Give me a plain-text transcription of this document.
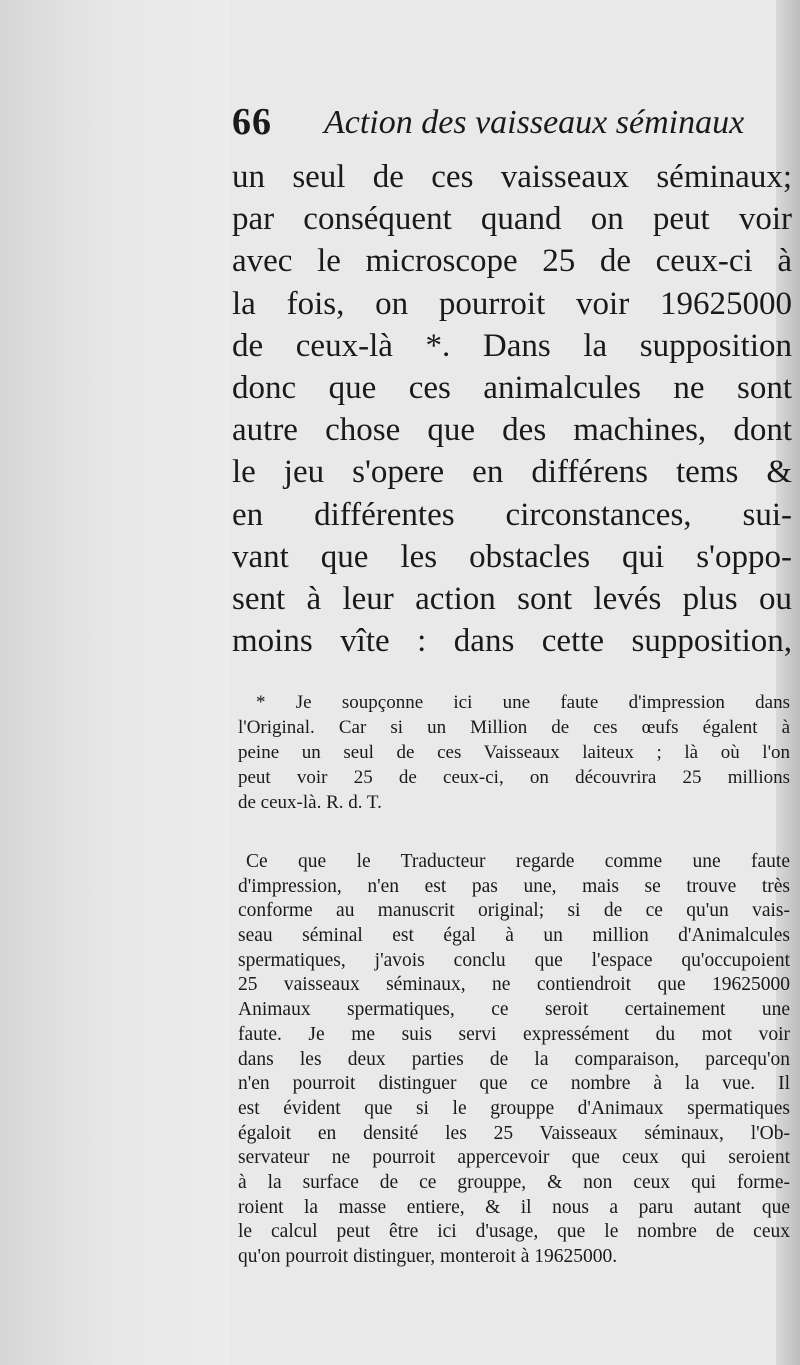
66 Action des vaisseaux séminaux
un seul de ces vaisseaux séminaux;
par conséquent quand on peut voir
avec le microscope 25 de ceux-ci à
la fois, on pourroit voir 19625000
de ceux-là *. Dans la supposition
donc que ces animalcules ne sont
autre chose que des machines, dont
le jeu s'opere en différens tems &
en différentes circonstances, sui-
vant que les obstacles qui s'oppo-
sent à leur action sont levés plus ou
moins vîte : dans cette supposition,
* Je soupçonne ici une faute d'impression dans
l'Original. Car si un Million de ces œufs égalent à
peine un seul de ces Vaisseaux laiteux ; là où l'on
peut voir 25 de ceux-ci, on découvrira 25 millions
de ceux-là. R. d. T.
Ce que le Traducteur regarde comme une faute
d'impression, n'en est pas une, mais se trouve très
conforme au manuscrit original; si de ce qu'un vais-
seau séminal est égal à un million d'Animalcules
spermatiques, j'avois conclu que l'espace qu'occupoient
25 vaisseaux séminaux, ne contiendroit que 19625000
Animaux spermatiques, ce seroit certainement une
faute. Je me suis servi expressément du mot voir
dans les deux parties de la comparaison, parcequ'on
n'en pourroit distinguer que ce nombre à la vue. Il
est évident que si le grouppe d'Animaux spermatiques
égaloit en densité les 25 Vaisseaux séminaux, l'Ob-
servateur ne pourroit appercevoir que ceux qui seroient
à la surface de ce grouppe, & non ceux qui forme-
roient la masse entiere, & il nous a paru autant que
le calcul peut être ici d'usage, que le nombre de ceux
qu'on pourroit distinguer, monteroit à 19625000.
